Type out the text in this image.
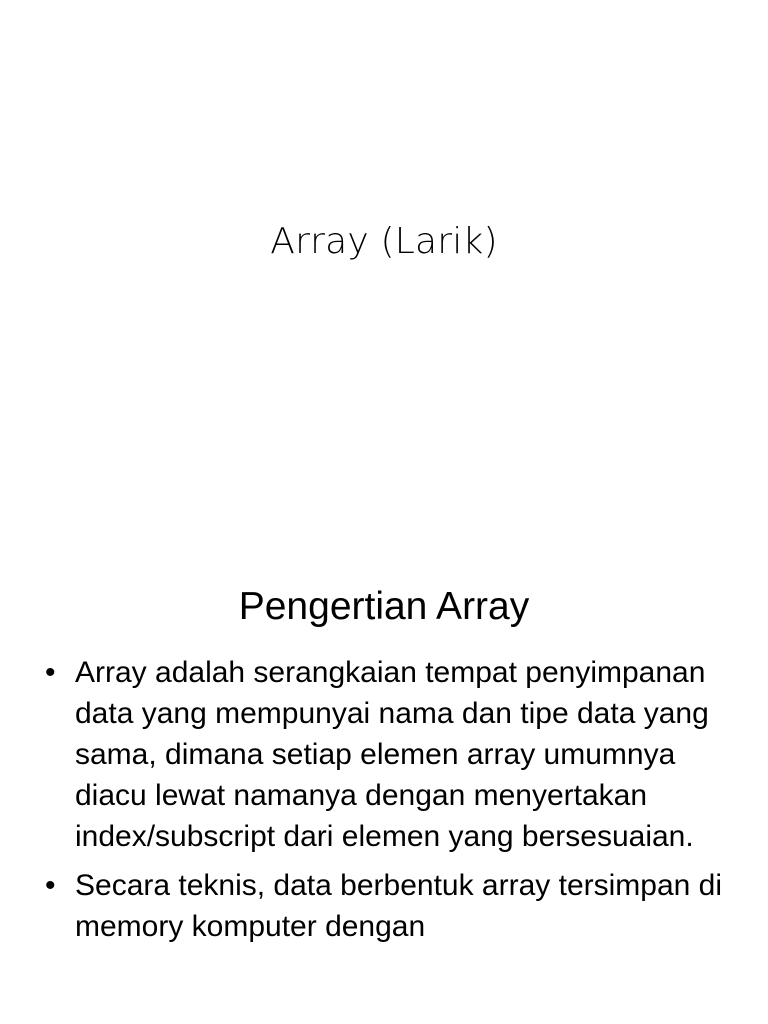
Array (Larik)
Pengertian Array
• Array adalah serangkaian tempat penyimpanan data yang mempunyai nama dan tipe data yang sama, dimana setiap elemen array umumnya diacu lewat namanya dengan menyertakan index/subscript dari elemen yang bersesuaian.
• Secara teknis, data berbentuk array tersimpan di memory komputer dengan
